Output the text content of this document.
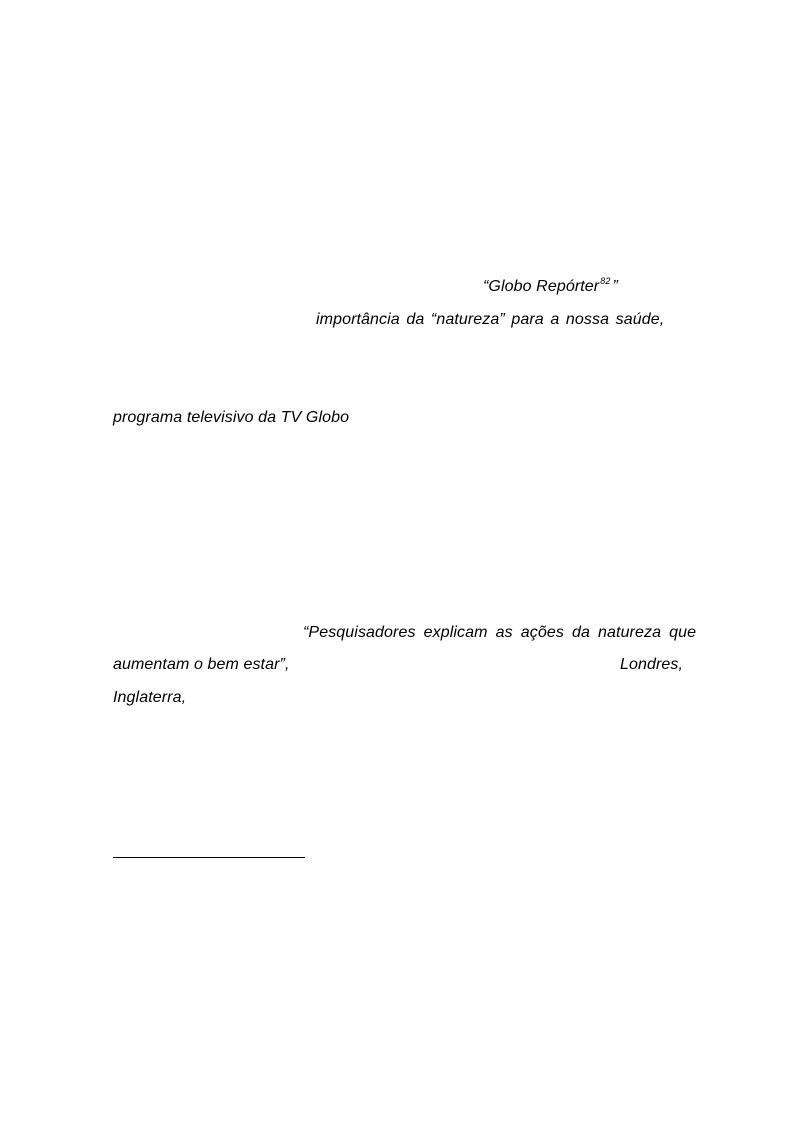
“Globo Repórter$^{82}$ ”
importância da “natureza” para a nossa saúde,
programa televisivo da TV Globo
“Pesquisadores explicam as ações da natureza que
aumentam o bem estar”,	Londres,
Inglaterra,
